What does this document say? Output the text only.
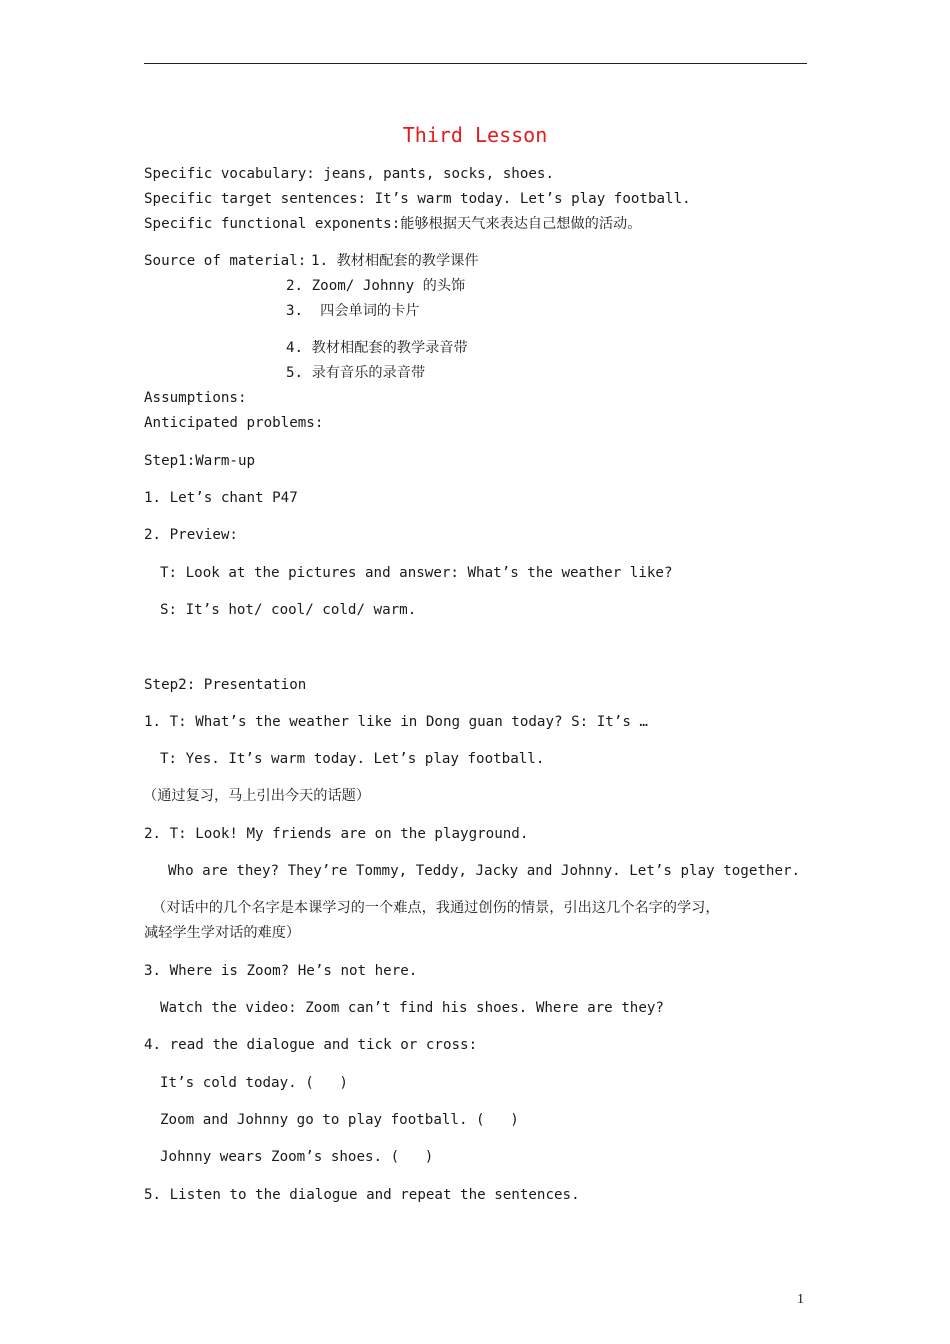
Third Lesson
Specific vocabulary: jeans, pants, socks, shoes.
Specific target sentences: It’s warm today. Let’s play football.
Specific functional exponents:能够根据天气来表达自己想做的活动。
Source of material:
1. 教材相配套的教学课件
2. Zoom/ Johnny 的头饰
3.  四会单词的卡片
4. 教材相配套的教学录音带
5. 录有音乐的录音带
Assumptions:
Anticipated problems:
Step1:Warm-up
1. Let’s chant P47
2. Preview:
T: Look at the pictures and answer: What’s the weather like?
S: It’s hot/ cool/ cold/ warm.
Step2: Presentation
1. T: What’s the weather like in Dong guan today? S: It’s …
T: Yes. It’s warm today. Let’s play football.
（通过复习，马上引出今天的话题）
2. T: Look! My friends are on the playground.
Who are they? They’re Tommy, Teddy, Jacky and Johnny. Let’s play together.
（对话中的几个名字是本课学习的一个难点，我通过创伤的情景，引出这几个名字的学习，
减轻学生学对话的难度）
3. Where is Zoom? He’s not here.
Watch the video: Zoom can’t find his shoes. Where are they?
4. read the dialogue and tick or cross:
It’s cold today. (   )
Zoom and Johnny go to play football. (   )
Johnny wears Zoom’s shoes. (   )
5. Listen to the dialogue and repeat the sentences.
1
